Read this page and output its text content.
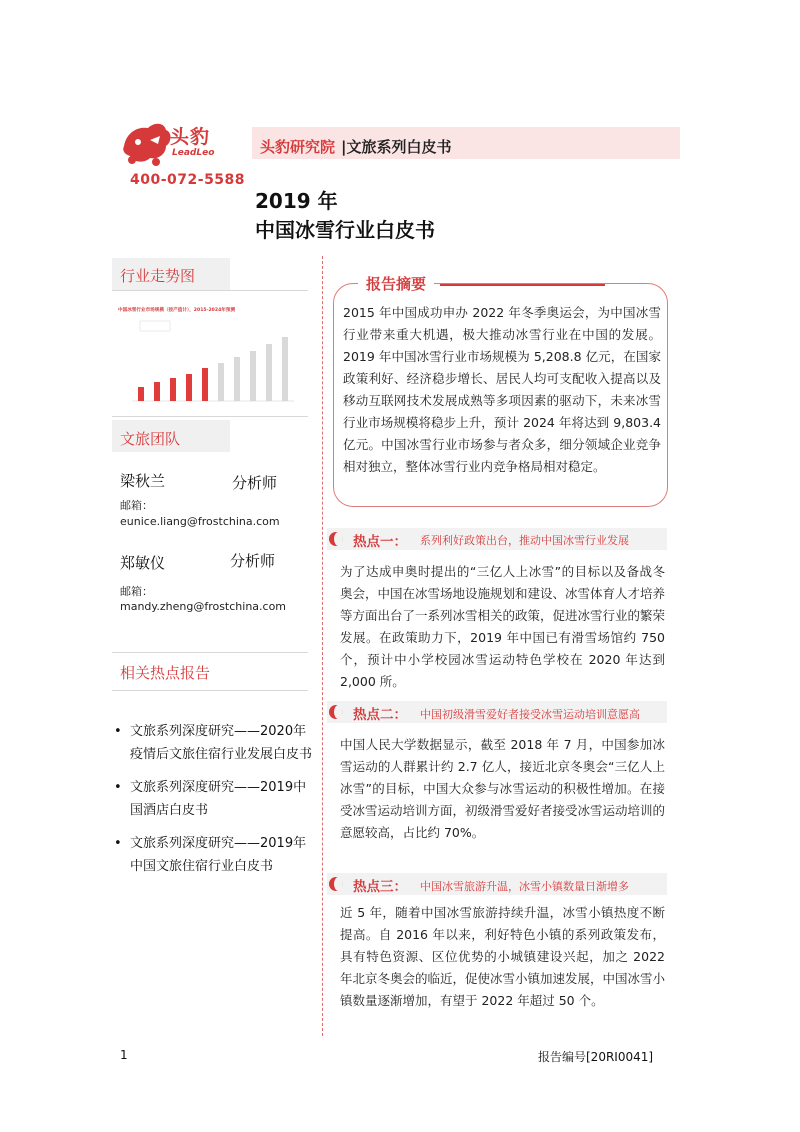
头豹
LeadLeo	头豹研究院 |文旅系列白皮书
400-072-5588
2019 年
中国冰雪行业白皮书
行业走势图
中国冰雪行业市场规模（按产值计），2015-2024年预测
文旅团队
梁秋兰	分析师
邮箱：
eunice.liang@frostchina.com
郑敏仪	分析师
邮箱：
mandy.zheng@frostchina.com
相关热点报告
• 文旅系列深度研究——2020年疫情后文旅住宿行业发展白皮书
• 文旅系列深度研究——2019中国酒店白皮书
• 文旅系列深度研究——2019年中国文旅住宿行业白皮书
报告摘要
2015 年中国成功申办 2022 年冬季奥运会，为中国冰雪行业带来重大机遇，极大推动冰雪行业在中国的发展。2019 年中国冰雪行业市场规模为 5,208.8 亿元，在国家政策利好、经济稳步增长、居民人均可支配收入提高以及移动互联网技术发展成熟等多项因素的驱动下，未来冰雪行业市场规模将稳步上升，预计 2024 年将达到 9,803.4 亿元。中国冰雪行业市场参与者众多，细分领域企业竞争相对独立，整体冰雪行业内竞争格局相对稳定。
热点一： 系列利好政策出台，推动中国冰雪行业发展
为了达成申奥时提出的“三亿人上冰雪”的目标以及备战冬奥会，中国在冰雪场地设施规划和建设、冰雪体育人才培养等方面出台了一系列冰雪相关的政策，促进冰雪行业的繁荣发展。在政策助力下，2019 年中国已有滑雪场馆约 750 个，预计中小学校园冰雪运动特色学校在 2020 年达到 2,000 所。
热点二： 中国初级滑雪爱好者接受冰雪运动培训意愿高
中国人民大学数据显示，截至 2018 年 7 月，中国参加冰雪运动的人群累计约 2.7 亿人，接近北京冬奥会“三亿人上冰雪”的目标，中国大众参与冰雪运动的积极性增加。在接受冰雪运动培训方面，初级滑雪爱好者接受冰雪运动培训的意愿较高，占比约 70%。
热点三： 中国冰雪旅游升温，冰雪小镇数量日渐增多
近 5 年，随着中国冰雪旅游持续升温，冰雪小镇热度不断提高。自 2016 年以来，利好特色小镇的系列政策发布，具有特色资源、区位优势的小城镇建设兴起，加之 2022 年北京冬奥会的临近，促使冰雪小镇加速发展，中国冰雪小镇数量逐渐增加，有望于 2022 年超过 50 个。
1	报告编号[20RI0041]
